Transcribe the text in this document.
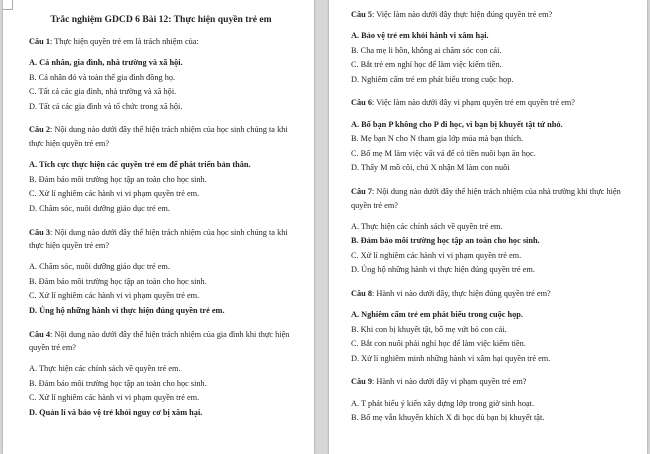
Trắc nghiệm GDCD 6 Bài 12: Thực hiện quyền trẻ em
Câu 1: Thực hiện quyền trẻ em là trách nhiệm của:
A. Cá nhân, gia đình, nhà trường và xã hội.
B. Cá nhân đó và toàn thể gia đình đồng họ.
C. Tất cả các gia đình, nhà trường và xã hội.
D. Tất cả các gia đình và tổ chức trong xã hội.
Câu 2: Nội dung nào dưới đây thể hiện trách nhiệm của học sinh chúng ta khi thực hiện quyền trẻ em?
A. Tích cực thực hiện các quyền trẻ em để phát triển bản thân.
B. Đảm bảo môi trường học tập an toàn cho học sinh.
C. Xử lí nghiêm các hành vi vi phạm quyền trẻ em.
D. Chăm sóc, nuôi dưỡng giáo dục trẻ em.
Câu 3: Nội dung nào dưới đây thể hiện trách nhiệm của học sinh chúng ta khi thực hiện quyền trẻ em?
A. Chăm sóc, nuôi dưỡng giáo dục trẻ em.
B. Đảm bảo môi trường học tập an toàn cho học sinh.
C. Xử lí nghiêm các hành vi vi phạm quyền trẻ em.
D. Ủng hộ những hành vi thực hiện đúng quyền trẻ em.
Câu 4: Nội dung nào dưới đây thể hiện trách nhiệm của gia đình khi thực hiện quyền trẻ em?
A. Thực hiện các chính sách về quyền trẻ em.
B. Đảm bảo môi trường học tập an toàn cho học sinh.
C. Xử lí nghiêm các hành vi vi phạm quyền trẻ em.
D. Quản lí và bảo vệ trẻ khỏi nguy cơ bị xâm hại.
Câu 5: Việc làm nào dưới đây thực hiện đúng quyền trẻ em?
A. Bảo vệ trẻ em khỏi hành vi xâm hại.
B. Cha mẹ li hôn, không ai chăm sóc con cái.
C. Bắt trẻ em nghỉ học để làm việc kiếm tiền.
D. Nghiêm cấm trẻ em phát biểu trong cuộc họp.
Câu 6: Việc làm nào dưới đây vi phạm quyền trẻ em quyền trẻ em?
A. Bố bạn P không cho P đi học, vì bạn bị khuyết tật tứ nhỏ.
B. Mẹ bạn N cho N tham gia lớp múa mà bạn thích.
C. Bố mẹ M làm việc vất vả để có tiền nuôi bạn ăn học.
D. Thấy M mồ côi, chú X nhận M làm con nuôi
Câu 7: Nội dung nào dưới đây thể hiện trách nhiệm của nhà trường khi thực hiện quyền trẻ em?
A. Thực hiện các chính sách về quyền trẻ em.
B. Đảm bảo môi trường học tập an toàn cho học sinh.
C. Xử lí nghiêm các hành vi vi phạm quyền trẻ em.
D. Ủng hộ những hành vi thực hiện đúng quyền trẻ em.
Câu 8: Hành vi nào dưới đây, thực hiện đúng quyền trẻ em?
A. Nghiêm cấm trẻ em phát biểu trong cuộc họp.
B. Khi con bị khuyết tật, bố mẹ vứt bỏ con cái.
C. Bắt con nuôi phải nghỉ học để làm việc kiếm tiền.
D. Xử lí nghiêm minh những hành vi xâm hại quyền trẻ em.
Câu 9: Hành vi nào dưới đây vi phạm quyền trẻ em?
A. T phát biểu ý kiến xây dựng lớp trong giờ sinh hoạt.
B. Bố mẹ vẫn khuyến khích X đi học dù bạn bị khuyết tật.
